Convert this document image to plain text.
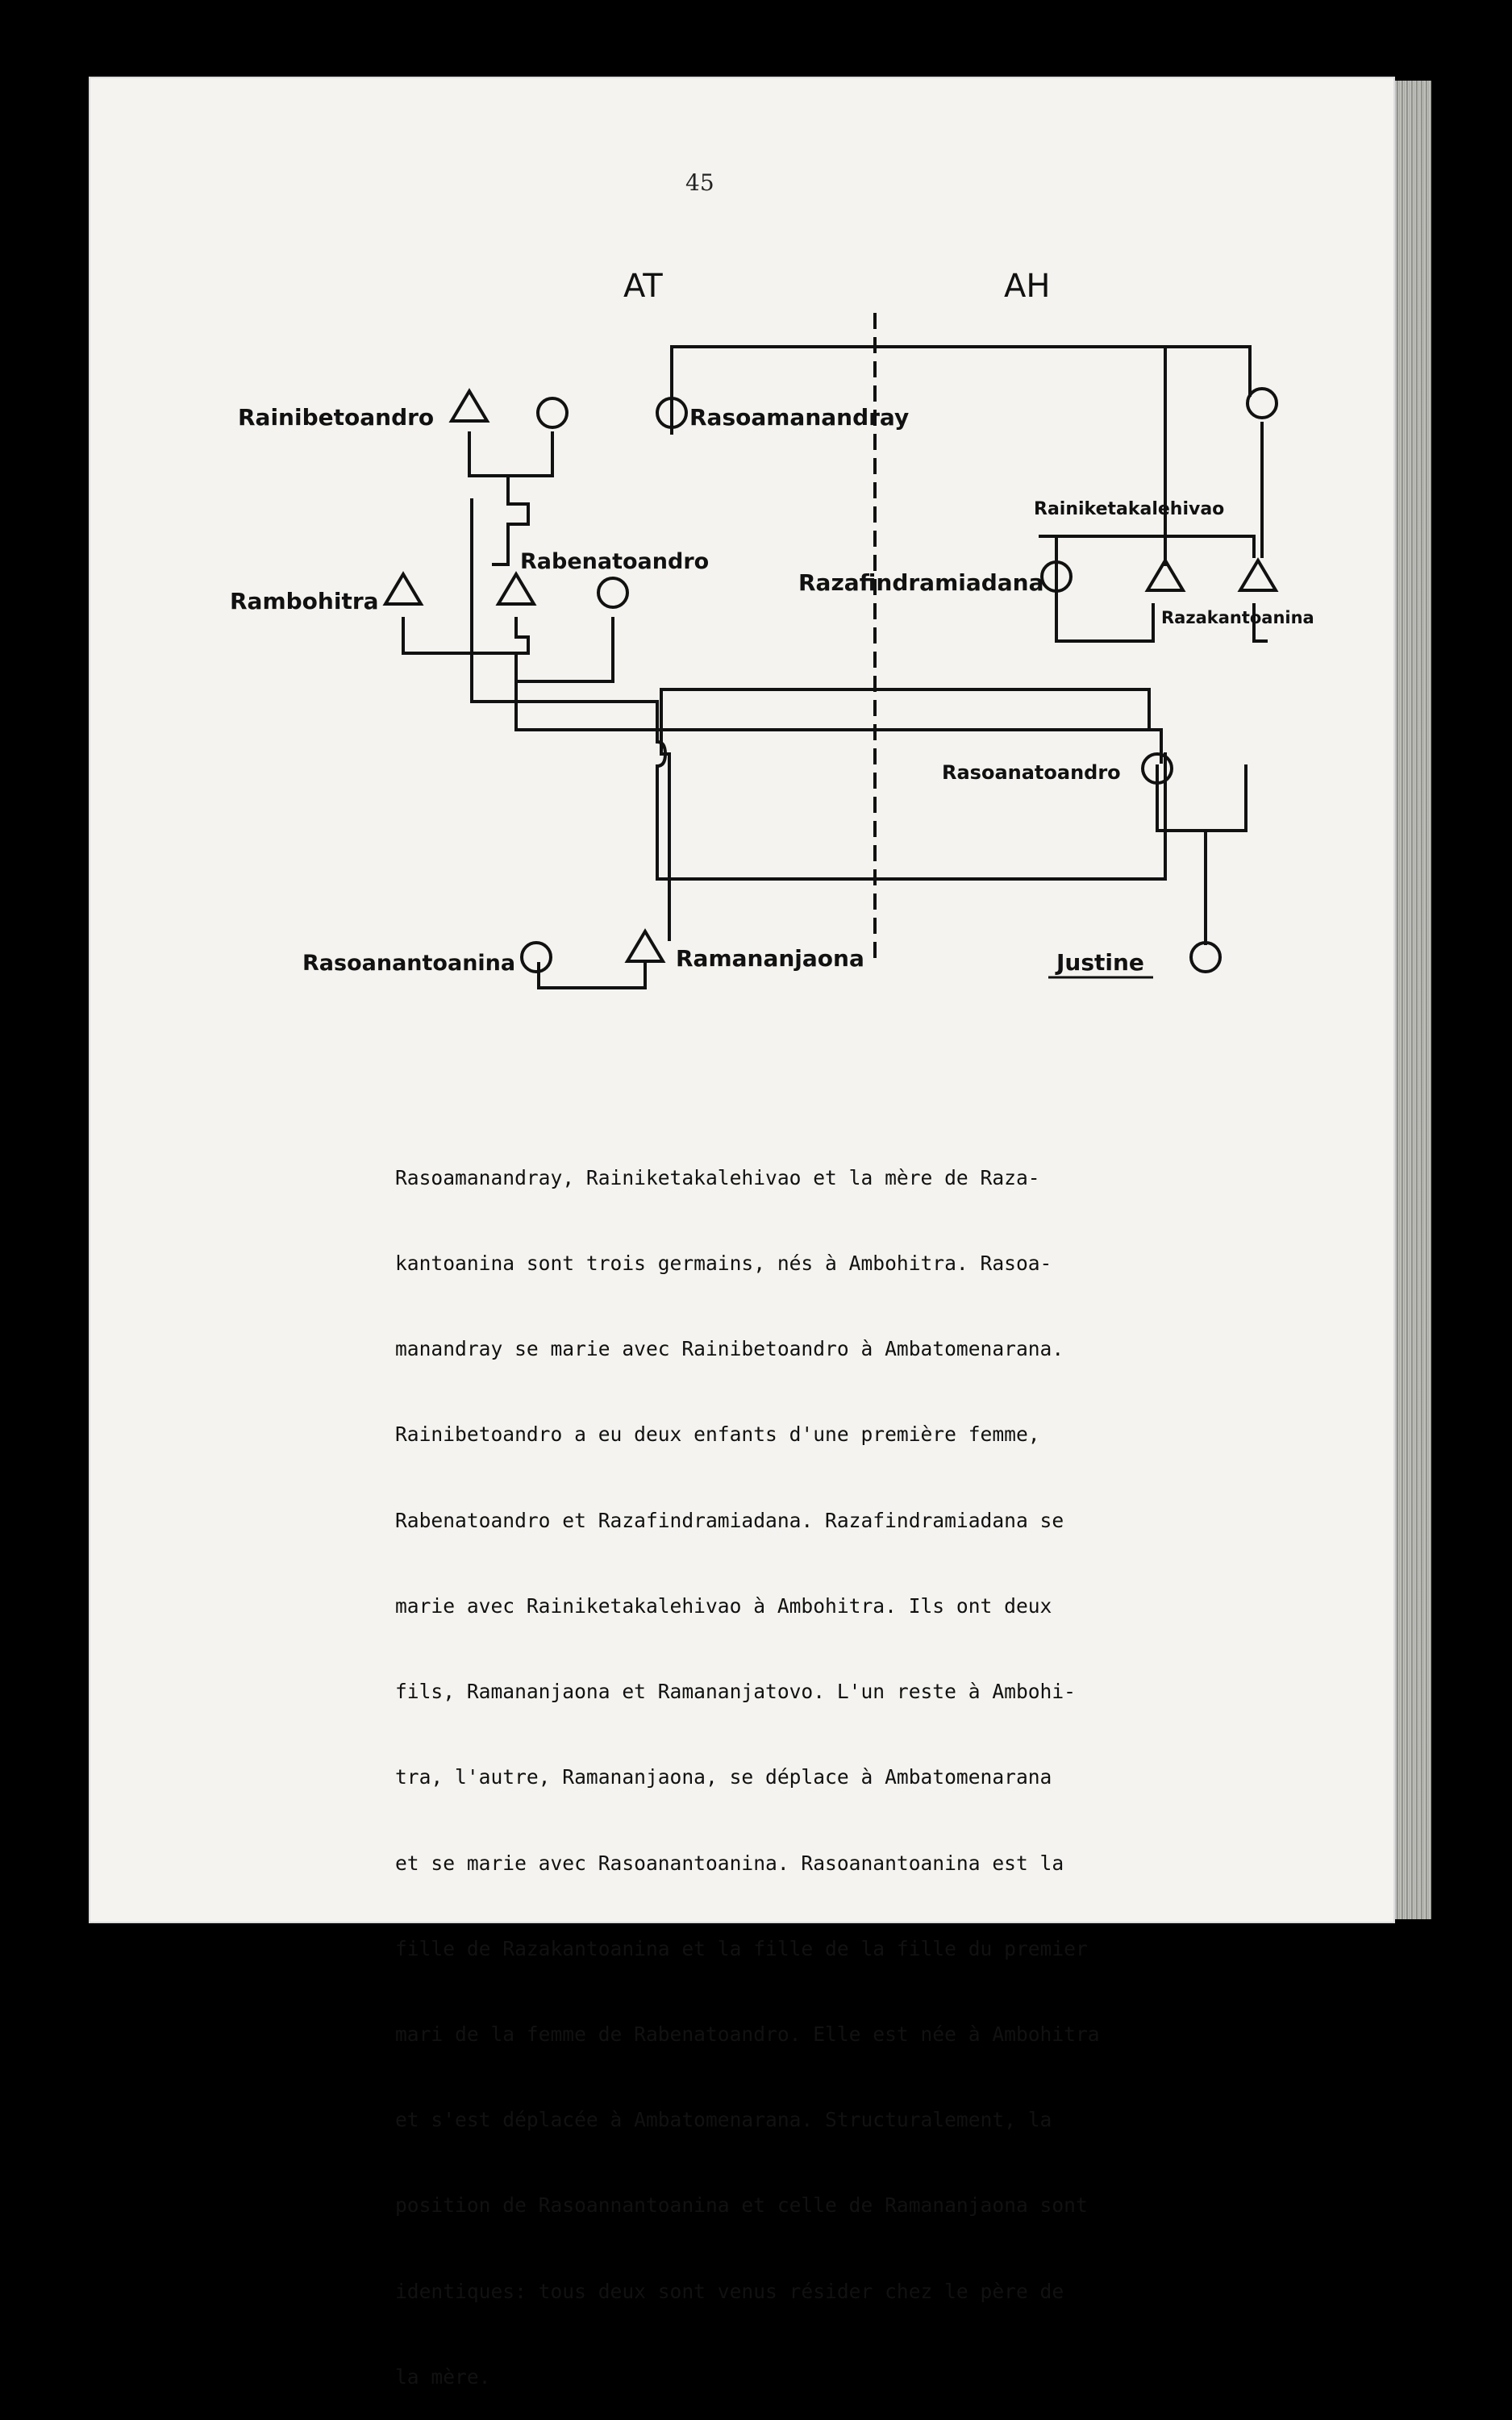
45
AT	AH
Rainibetoandro	Rasoamanandray
Rainiketakalehivao
Rabenatoandro
Rambohitra
Razafindramiadana
Razakantoanina
Rasoanatoandro
Rasoanantoanina	Ramananjaona	Justine

Rasoamanandray, Rainiketakalehivao et la mère de Raza-

kantoanina sont trois germains, nés à Ambohitra. Rasoa-

manandray se marie avec Rainibetoandro à Ambatomenarana.

Rainibetoandro a eu deux enfants d'une première femme,

Rabenatoandro et Razafindramiadana. Razafindramiadana se

marie avec Rainiketakalehivao à Ambohitra. Ils ont deux

fils, Ramananjaona et Ramananjatovo. L'un reste à Ambohi-

tra, l'autre, Ramananjaona, se déplace à Ambatomenarana

et se marie avec Rasoanantoanina. Rasoanantoanina est la

fille de Razakantoanina et la fille de la fille du premier

mari de la femme de Rabenatoandro. Elle est née à Ambohitra

et s'est déplacée à Ambatomenarana. Structuralement, la

position de Rasoannantoanina et celle de Ramananjaona sont

identiques: tous deux sont venus résider chez le père de

la mère.
